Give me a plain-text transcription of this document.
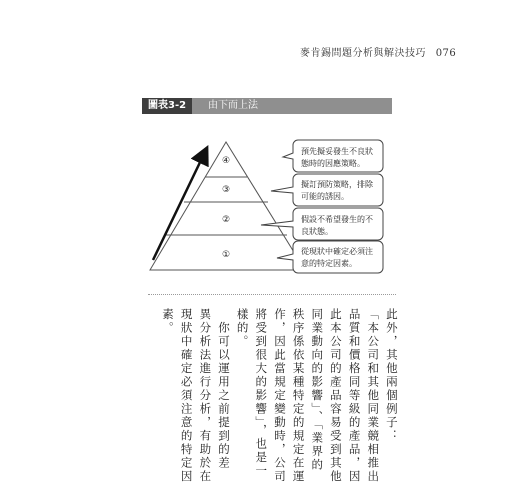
麥肯錫問題分析與解決技巧 076
圖表3-2	由下而上法
④
③
②
①
預先擬妥發生不良狀態時的因應策略。
擬訂預防策略，排除可能的誘因。
假設不希望發生的不良狀態。
從現狀中確定必須注意的特定因素。
此外，其他兩個例子：
「本公司和其他同業競相推出
品質和價格同等級的產品，因
此本公司的產品容易受到其他
同業動向的影響」、「業界的
秩序係依某種特定的規定在運
作，因此當規定變動時，公司
將受到很大的影響」，也是一
樣的。
　你可以運用之前提到的差
異分析法進行分析，有助於在
現狀中確定必須注意的特定因
素。
